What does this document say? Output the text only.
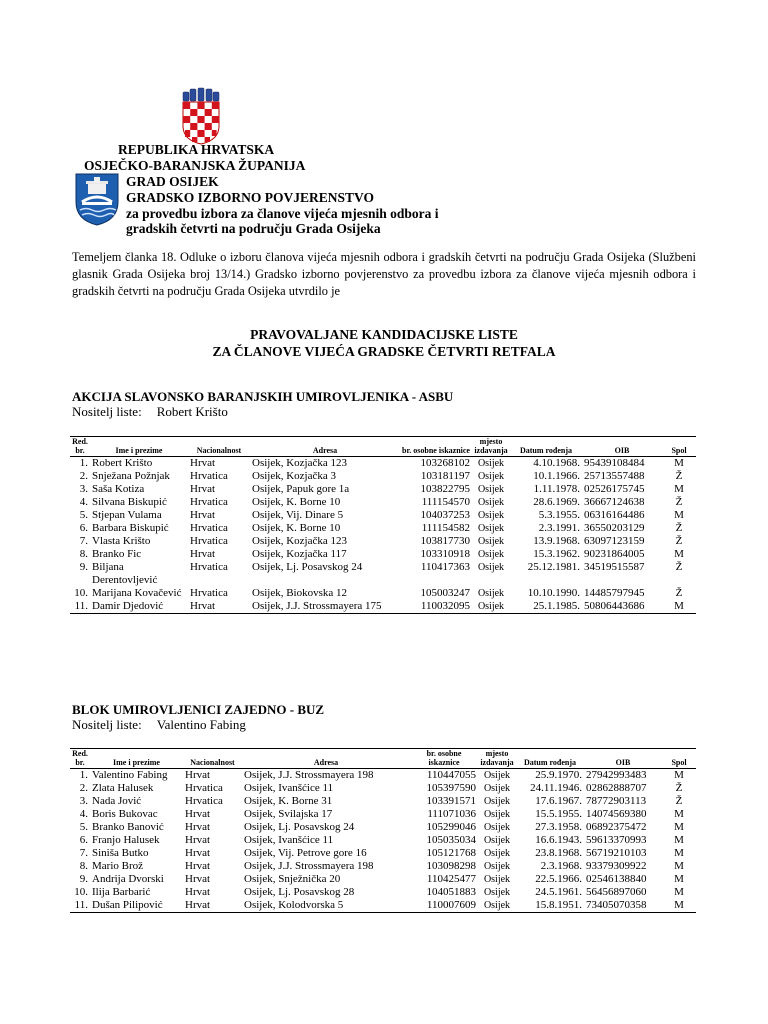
REPUBLIKA HRVATSKA
OSJEČKO-BARANJSKA ŽUPANIJA
GRAD OSIJEK
GRADSKO IZBORNO POVJERENSTVO
za provedbu izbora za članove vijeća mjesnih odbora i
gradskih četvrti na području Grada Osijeka
Temeljem članka 18. Odluke o izboru članova vijeća mjesnih odbora i gradskih četvrti na području Grada Osijeka (Službeni glasnik Grada Osijeka broj 13/14.) Gradsko izborno povjerenstvo za provedbu izbora za članove vijeća mjesnih odbora i gradskih četvrti na području Grada Osijeka utvrdilo je
PRAVOVALJANE KANDIDACIJSKE LISTE
ZA ČLANOVE VIJEĆA GRADSKE ČETVRTI RETFALA
AKCIJA SLAVONSKO BARANJSKIH UMIROVLJENIKA - ASBU
Nositelj liste: Robert Krišto
Red. br.	Ime i prezime	Nacionalnost	Adresa	br. osobne iskaznice	mjesto izdavanja	Datum rođenja	OIB	Spol
1.	Robert Krišto	Hrvat	Osijek, Kozjačka 123	103268102	Osijek	4.10.1968.	95439108484	M
2.	Snježana Požnjak	Hrvatica	Osijek, Kozjačka 3	103181197	Osijek	10.1.1966.	25713557488	Ž
3.	Saša Kotiza	Hrvat	Osijek, Papuk gore 1a	103822795	Osijek	1.11.1978.	02526175745	M
4.	Silvana Biskupić	Hrvatica	Osijek, K. Borne 10	111154570	Osijek	28.6.1969.	36667124638	Ž
5.	Stjepan Vulama	Hrvat	Osijek, Vij. Dinare 5	104037253	Osijek	5.3.1955.	06316164486	M
6.	Barbara Biskupić	Hrvatica	Osijek, K. Borne 10	111154582	Osijek	2.3.1991.	36550203129	Ž
7.	Vlasta Krišto	Hrvatica	Osijek, Kozjačka 123	103817730	Osijek	13.9.1968.	63097123159	Ž
8.	Branko Fic	Hrvat	Osijek, Kozjačka 117	103310918	Osijek	15.3.1962.	90231864005	M
9.	Biljana Derentovljević	Hrvatica	Osijek, Lj. Posavskog 24	110417363	Osijek	25.12.1981.	34519515587	Ž
10.	Marijana Kovačević	Hrvatica	Osijek, Biokovska 12	105003247	Osijek	10.10.1990.	14485797945	Ž
11.	Damir Djedović	Hrvat	Osijek, J.J. Strossmayera 175	110032095	Osijek	25.1.1985.	50806443686	M
BLOK UMIROVLJENICI ZAJEDNO - BUZ
Nositelj liste: Valentino Fabing
Red. br.	Ime i prezime	Nacionalnost	Adresa	br. osobne iskaznice	mjesto izdavanja	Datum rođenja	OIB	Spol
1.	Valentino Fabing	Hrvat	Osijek, J.J. Strossmayera 198	110447055	Osijek	25.9.1970.	27942993483	M
2.	Zlata Halusek	Hrvatica	Osijek, Ivanšćice 11	105397590	Osijek	24.11.1946.	02862888707	Ž
3.	Nada Jović	Hrvatica	Osijek, K. Borne 31	103391571	Osijek	17.6.1967.	78772903113	Ž
4.	Boris Bukovac	Hrvat	Osijek, Svilajska 17	111071036	Osijek	15.5.1955.	14074569380	M
5.	Branko Banović	Hrvat	Osijek, Lj. Posavskog 24	105299046	Osijek	27.3.1958.	06892375472	M
6.	Franjo Halusek	Hrvat	Osijek, Ivanšćice 11	105035034	Osijek	16.6.1943.	59613370993	M
7.	Siniša Butko	Hrvat	Osijek, Vij. Petrove gore 16	105121768	Osijek	23.8.1968.	56719210103	M
8.	Mario Brož	Hrvat	Osijek, J.J. Strossmayera 198	103098298	Osijek	2.3.1968.	93379309922	M
9.	Andrija Dvorski	Hrvat	Osijek, Snježnička 20	110425477	Osijek	22.5.1966.	02546138840	M
10.	Ilija Barbarić	Hrvat	Osijek, Lj. Posavskog 28	104051883	Osijek	24.5.1961.	56456897060	M
11.	Dušan Pilipović	Hrvat	Osijek, Kolodvorska 5	110007609	Osijek	15.8.1951.	73405070358	M
